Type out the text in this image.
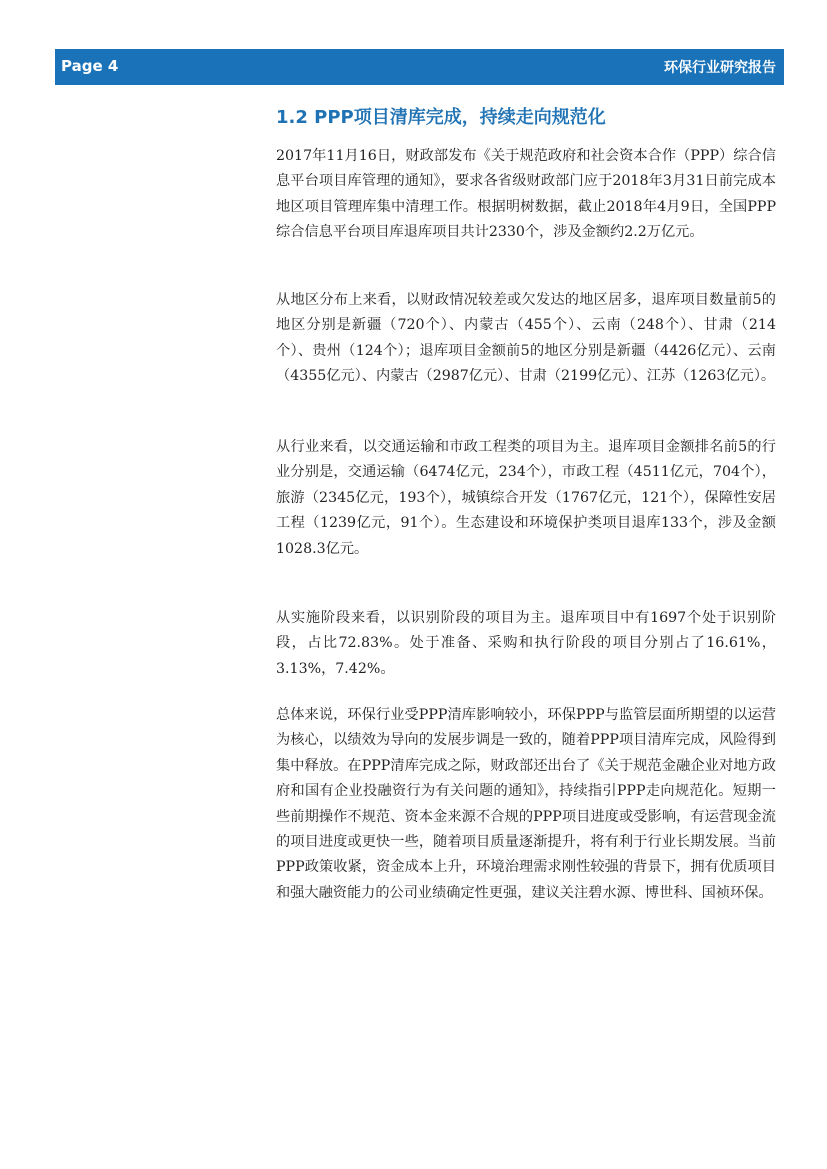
Page 4	环保行业研究报告
1.2 PPP项目清库完成，持续走向规范化

2017年11月16日，财政部发布《关于规范政府和社会资本合作（PPP）综合信息平台项目库管理的通知》，要求各省级财政部门应于2018年3月31日前完成本地区项目管理库集中清理工作。根据明树数据，截止2018年4月9日，全国PPP综合信息平台项目库退库项目共计2330个，涉及金额约2.2万亿元。

从地区分布上来看，以财政情况较差或欠发达的地区居多，退库项目数量前5的地区分别是新疆（720个）、内蒙古（455个）、云南（248个）、甘肃（214个）、贵州（124个）；退库项目金额前5的地区分别是新疆（4426亿元）、云南（4355亿元）、内蒙古（2987亿元）、甘肃（2199亿元）、江苏（1263亿元）。

从行业来看，以交通运输和市政工程类的项目为主。退库项目金额排名前5的行业分别是，交通运输（6474亿元，234个），市政工程（4511亿元，704个），旅游（2345亿元，193个），城镇综合开发（1767亿元，121个），保障性安居工程（1239亿元，91个）。生态建设和环境保护类项目退库133个，涉及金额1028.3亿元。

从实施阶段来看，以识别阶段的项目为主。退库项目中有1697个处于识别阶段，占比72.83%。处于准备、采购和执行阶段的项目分别占了16.61%，3.13%，7.42%。

总体来说，环保行业受PPP清库影响较小，环保PPP与监管层面所期望的以运营为核心，以绩效为导向的发展步调是一致的，随着PPP项目清库完成，风险得到集中释放。在PPP清库完成之际，财政部还出台了《关于规范金融企业对地方政府和国有企业投融资行为有关问题的通知》，持续指引PPP走向规范化。短期一些前期操作不规范、资本金来源不合规的PPP项目进度或受影响，有运营现金流的项目进度或更快一些，随着项目质量逐渐提升，将有利于行业长期发展。当前PPP政策收紧，资金成本上升，环境治理需求刚性较强的背景下，拥有优质项目和强大融资能力的公司业绩确定性更强，建议关注碧水源、博世科、国祯环保。
